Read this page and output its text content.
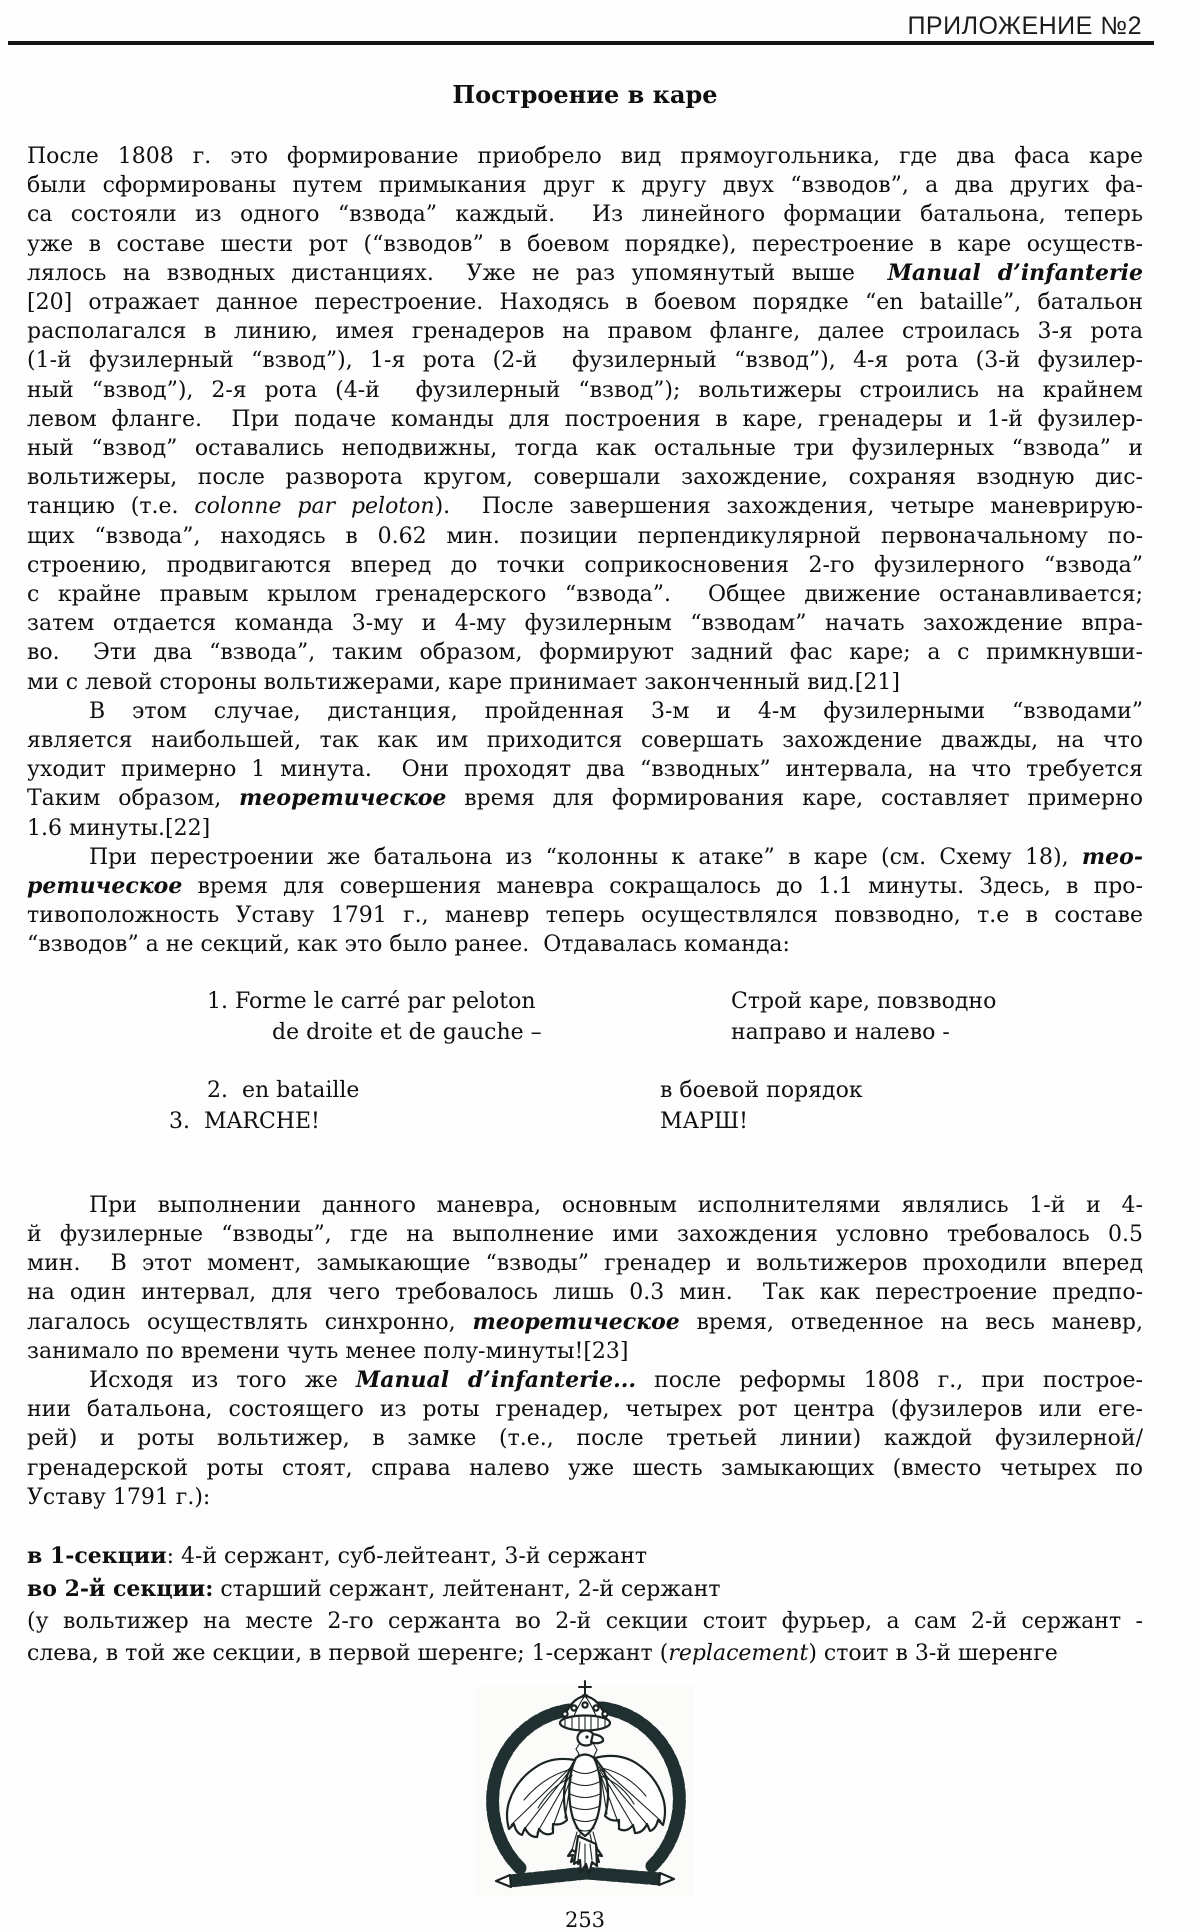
ПРИЛОЖЕНИЕ №2
Построение в каре
После 1808 г. это формирование приобрело вид прямоугольника, где два фаса каре
были сформированы путем примыкания друг к другу двух “взводов”, а два других фа-
са состояли из одного “взвода” каждый.  Из линейного формации батальона, теперь
уже в составе шести рот (“взводов” в боевом порядке), перестроение в каре осуществ-
лялось на взводных дистанциях.  Уже не раз упомянутый выше  Manual d’infanterie
[20] отражает данное перестроение. Находясь в боевом порядке “en bataille”, батальон
располагался в линию, имея гренадеров на правом фланге, далее строилась 3-я рота
(1-й фузилерный “взвод”), 1-я рота (2-й  фузилерный “взвод”), 4-я рота (3-й фузилер-
ный “взвод”), 2-я рота (4-й  фузилерный “взвод”); вольтижеры строились на крайнем
левом фланге.  При подаче команды для построения в каре, гренадеры и 1-й фузилер-
ный “взвод” оставались неподвижны, тогда как остальные три фузилерных “взвода” и
вольтижеры, после разворота кругом, совершали захождение, сохраняя взодную дис-
танцию (т.е. colonne par peloton).  После завершения захождения, четыре маневрирую-
щих “взвода”, находясь в 0.62 мин. позиции перпендикулярной первоначальному по-
строению, продвигаются вперед до точки соприкосновения 2-го фузилерного “взвода”
с крайне правым крылом гренадерского “взвода”.  Общее движение останавливается;
затем отдается команда 3-му и 4-му фузилерным “взводам” начать захождение впра-
во.  Эти два “взвода”, таким образом, формируют задний фас каре; а с примкнувши-
ми с левой стороны вольтижерами, каре принимает законченный вид.[21]
В этом случае, дистанция, пройденная 3-м и 4-м фузилерными “взводами”
является наибольшей, так как им приходится совершать захождение дважды, на что
уходит примерно 1 минута.  Они проходят два “взводных” интервала, на что требуется
Таким образом, теоретическое время для формирования каре, составляет примерно
1.6 минуты.[22]
При перестроении же батальона из “колонны к атаке” в каре (см. Схему 18), тео-
ретическое время для совершения маневра сокращалось до 1.1 минуты. Здесь, в про-
тивоположность Уставу 1791 г., маневр теперь осуществлялся повзводно, т.е в составе
“взводов” а не секций, как это было ранее.  Отдавалась команда:
1. Forme le carré par peloton
de droite et de gauche –
Строй каре, повзводно
направо и налево -
2.  en bataille	в боевой порядок
3.  MARCHE!	МАРШ!
При выполнении данного маневра, основным исполнителями являлись 1-й и 4-
й фузилерные “взводы”, где на выполнение ими захождения условно требовалось 0.5
мин.  В этот момент, замыкающие “взводы” гренадер и вольтижеров проходили вперед
на один интервал, для чего требовалось лишь 0.3 мин.  Так как перестроение предпо-
лагалось осуществлять синхронно, теоретическое время, отведенное на весь маневр,
занимало по времени чуть менее полу-минуты![23]
Исходя из того же Manual d’infanterie... после реформы 1808 г., при построе-
нии батальона, состоящего из роты гренадер, четырех рот центра (фузилеров или еге-
рей) и роты вольтижер, в замке (т.е., после третьей линии) каждой фузилерной/
гренадерской роты стоят, справа налево уже шесть замыкающих (вместо четырех по
Уставу 1791 г.):
в 1-секции: 4-й сержант, суб-лейтеант, 3-й сержант
во 2-й секции: старший сержант, лейтенант, 2-й сержант
(у вольтижер на месте 2-го сержанта во 2-й секции стоит фурьер, а сам 2-й сержант -
слева, в той же секции, в первой шеренге; 1-сержант (replacement) стоит в 3-й шеренге
253
